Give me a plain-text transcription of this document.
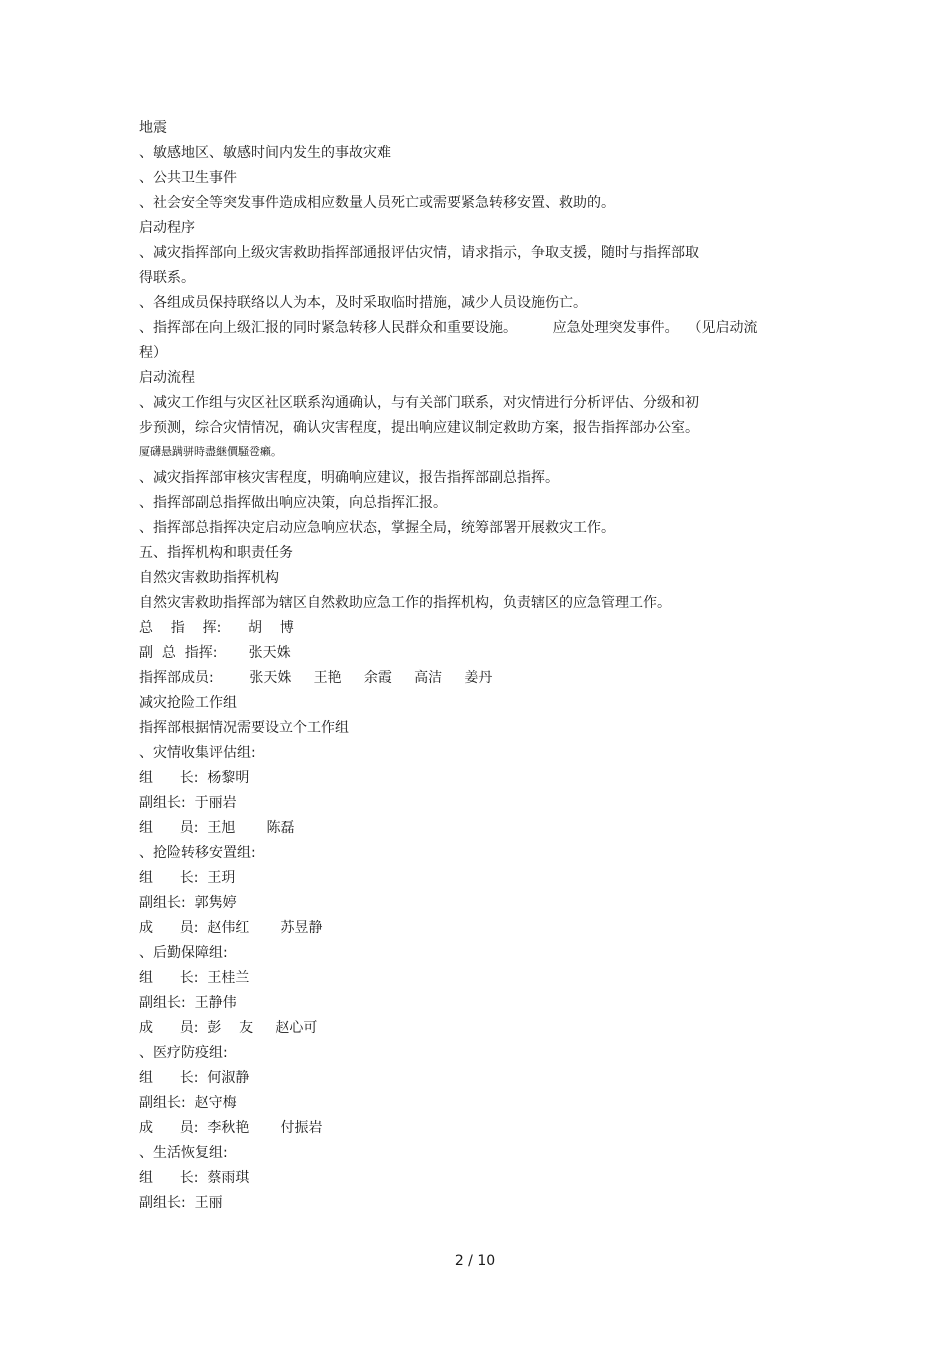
地震
、敏感地区、敏感时间内发生的事故灾难
、公共卫生事件
、社会安全等突发事件造成相应数量人员死亡或需要紧急转移安置、救助的。
启动程序
、减灾指挥部向上级灾害救助指挥部通报评估灾情，请求指示，争取支援，随时与指挥部取
得联系。
、各组成员保持联络以人为本，及时采取临时措施，减少人员设施伤亡。
、指挥部在向上级汇报的同时紧急转移人民群众和重要设施。        应急处理突发事件。  （见启动流
程）
启动流程
、减灾工作组与灾区社区联系沟通确认，与有关部门联系，对灾情进行分析评估、分级和初
步预测，综合灾情情况，确认灾害程度，提出响应建议制定救助方案，报告指挥部办公室。
厦礴悬蹒骈時盡継價騒卺癩。
、减灾指挥部审核灾害程度，明确响应建议，报告指挥部副总指挥。
、指挥部副总指挥做出响应决策，向总指挥汇报。
、指挥部总指挥决定启动应急响应状态，掌握全局，统筹部署开展救灾工作。
五、指挥机构和职责任务
自然灾害救助指挥机构
自然灾害救助指挥部为辖区自然救助应急工作的指挥机构，负责辖区的应急管理工作。
总    指    挥:      胡    博
副  总  指挥:       张天姝
指挥部成员:        张天姝     王艳     余霞     高洁     姜丹
减灾抢险工作组
指挥部根据情况需要设立个工作组
、灾情收集评估组:
组      长:  杨黎明
副组长:  于丽岩
组      员:  王旭       陈磊
、抢险转移安置组:
组      长:  王玥
副组长:  郭隽婷
成      员:  赵伟红       苏昱静
、后勤保障组:
组      长:  王桂兰
副组长:  王静伟
成      员:  彭    友     赵心可
、医疗防疫组:
组      长:  何淑静
副组长:  赵守梅
成      员:  李秋艳       付振岩
、生活恢复组:
组      长:  蔡雨琪
副组长:  王丽
2 / 10
